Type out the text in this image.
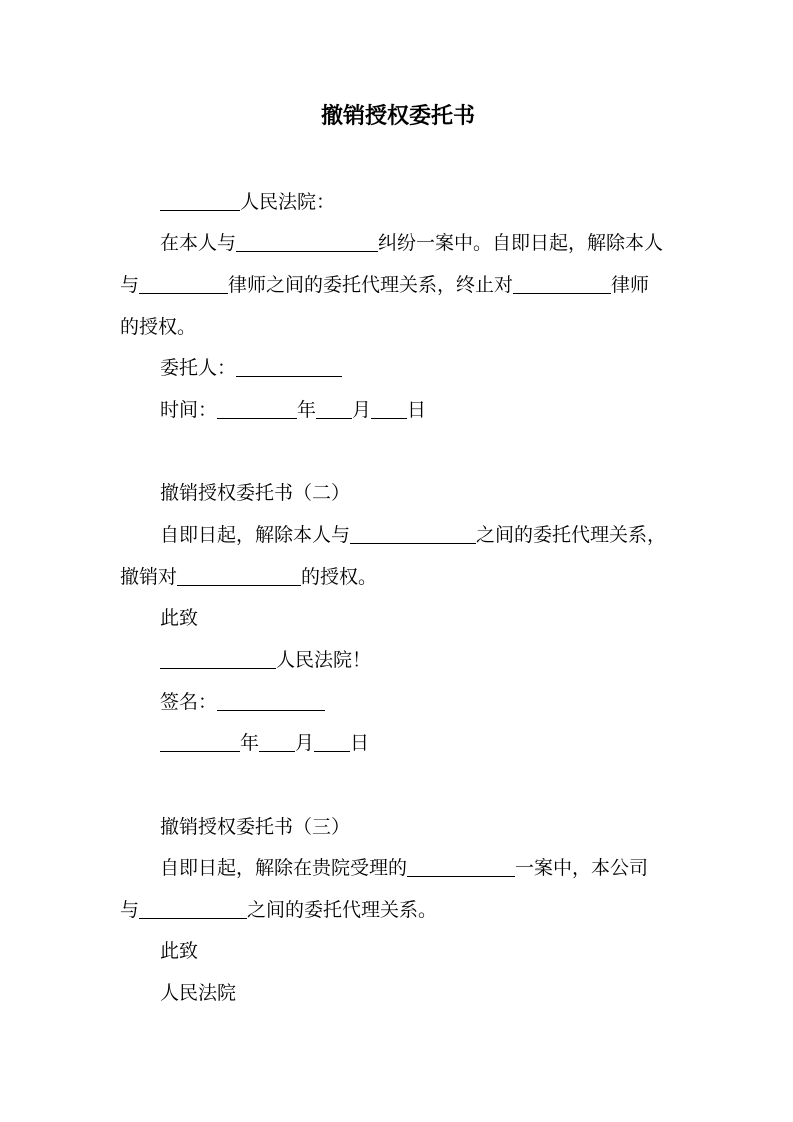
撤销授权委托书
人民法院：
在本人与	纠纷一案中。自即日起，解除本人
与	律师之间的委托代理关系，终止对	律师
的授权。
委托人：
时间：	年 月 日
撤销授权委托书（二）
自即日起，解除本人与	之间的委托代理关系，
撤销对	的授权。
此致
人民法院！
签名：
年 月 日
撤销授权委托书（三）
自即日起，解除在贵院受理的	一案中，本公司
与	之间的委托代理关系。
此致
人民法院
